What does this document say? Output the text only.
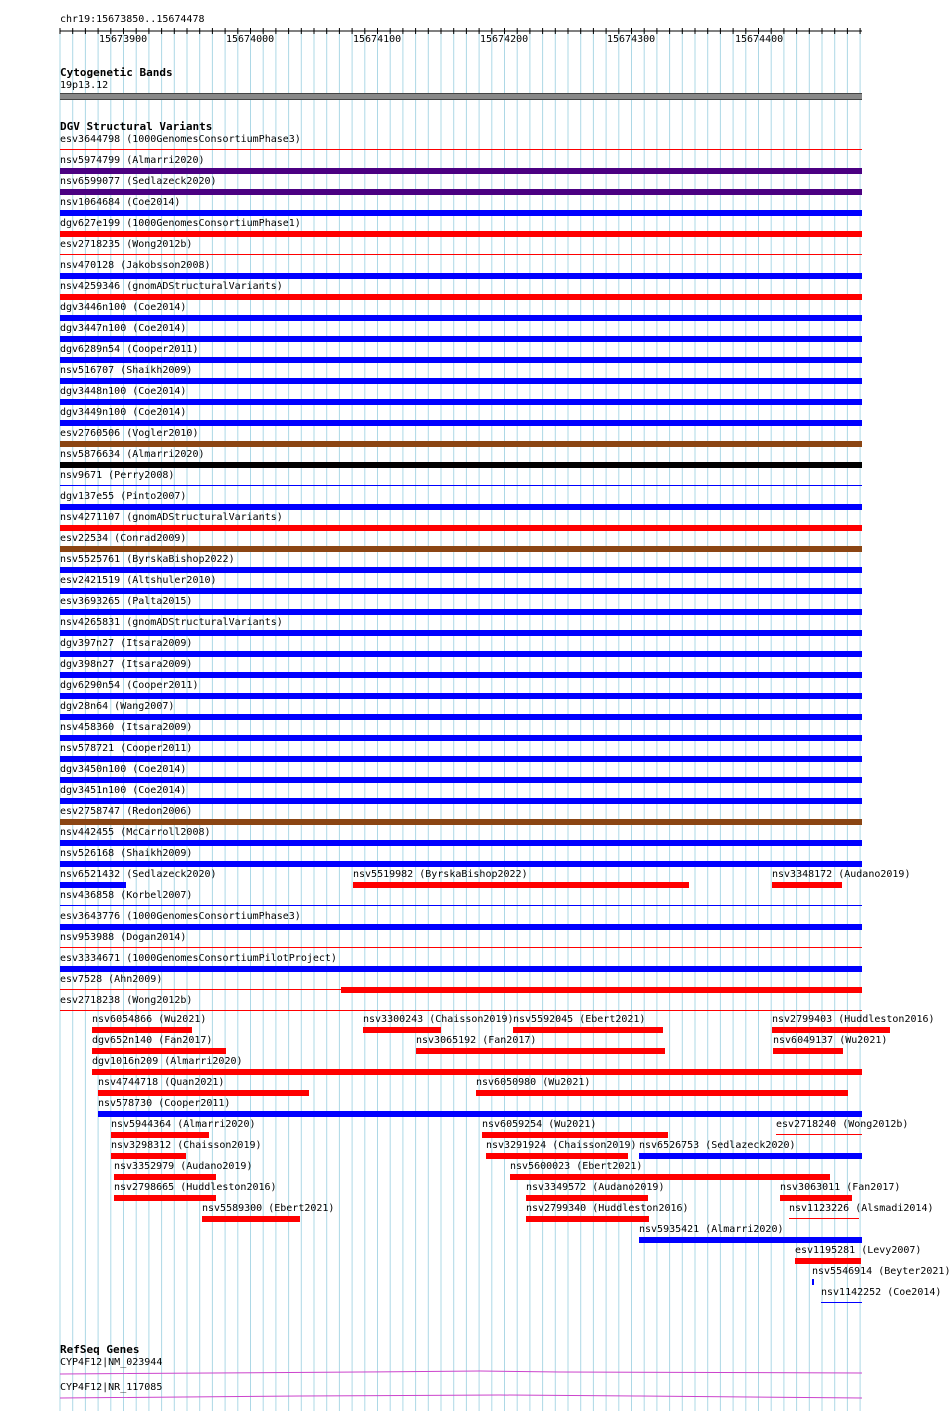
chr19:15673850..15674478
15673900	15674000	15674100	15674200	15674300	15674400
Cytogenetic Bands
19p13.12
DGV Structural Variants
esv3644798 (1000GenomesConsortiumPhase3)
nsv5974799 (Almarri2020)
nsv6599077 (Sedlazeck2020)
nsv1064684 (Coe2014)
dgv627e199 (1000GenomesConsortiumPhase1)
esv2718235 (Wong2012b)
nsv470128 (Jakobsson2008)
nsv4259346 (gnomADStructuralVariants)
dgv3446n100 (Coe2014)
dgv3447n100 (Coe2014)
dgv6289n54 (Cooper2011)
nsv516707 (Shaikh2009)
dgv3448n100 (Coe2014)
dgv3449n100 (Coe2014)
esv2760506 (Vogler2010)
nsv5876634 (Almarri2020)
nsv9671 (Perry2008)
dgv137e55 (Pinto2007)
nsv4271107 (gnomADStructuralVariants)
esv22534 (Conrad2009)
nsv5525761 (ByrskaBishop2022)
esv2421519 (Altshuler2010)
esv3693265 (Palta2015)
nsv4265831 (gnomADStructuralVariants)
dgv397n27 (Itsara2009)
dgv398n27 (Itsara2009)
dgv6290n54 (Cooper2011)
dgv28n64 (Wang2007)
nsv458360 (Itsara2009)
nsv578721 (Cooper2011)
dgv3450n100 (Coe2014)
dgv3451n100 (Coe2014)
esv2758747 (Redon2006)
nsv442455 (McCarroll2008)
nsv526168 (Shaikh2009)
nsv6521432 (Sedlazeck2020)	nsv5519982 (ByrskaBishop2022)	nsv3348172 (Audano2019)
nsv436858 (Korbel2007)
esv3643776 (1000GenomesConsortiumPhase3)
nsv953988 (Dogan2014)
esv3334671 (1000GenomesConsortiumPilotProject)
esv7528 (Ahn2009)
esv2718238 (Wong2012b)
nsv6054866 (Wu2021)	nsv3300243 (Chaisson2019) nsv5592045 (Ebert2021)	nsv2799403 (Huddleston2016)
dgv652n140 (Fan2017)	nsv3065192 (Fan2017)	nsv6049137 (Wu2021)
dgv1016n209 (Almarri2020)
nsv4744718 (Quan2021)	nsv6050980 (Wu2021)
nsv578730 (Cooper2011)
nsv5944364 (Almarri2020)	nsv6059254 (Wu2021)	esv2718240 (Wong2012b)
nsv3298312 (Chaisson2019)	nsv3291924 (Chaisson2019) nsv6526753 (Sedlazeck2020)
nsv3352979 (Audano2019)	nsv5600023 (Ebert2021)
nsv2798665 (Huddleston2016)	nsv3349572 (Audano2019)	nsv3063011 (Fan2017)
nsv5589300 (Ebert2021)	nsv2799340 (Huddleston2016)	nsv1123226 (Alsmadi2014)
nsv5935421 (Almarri2020)
esv1195281 (Levy2007)
nsv5546914 (Beyter2021)
nsv1142252 (Coe2014)
RefSeq Genes
CYP4F12|NM_023944
CYP4F12|NR_117085
